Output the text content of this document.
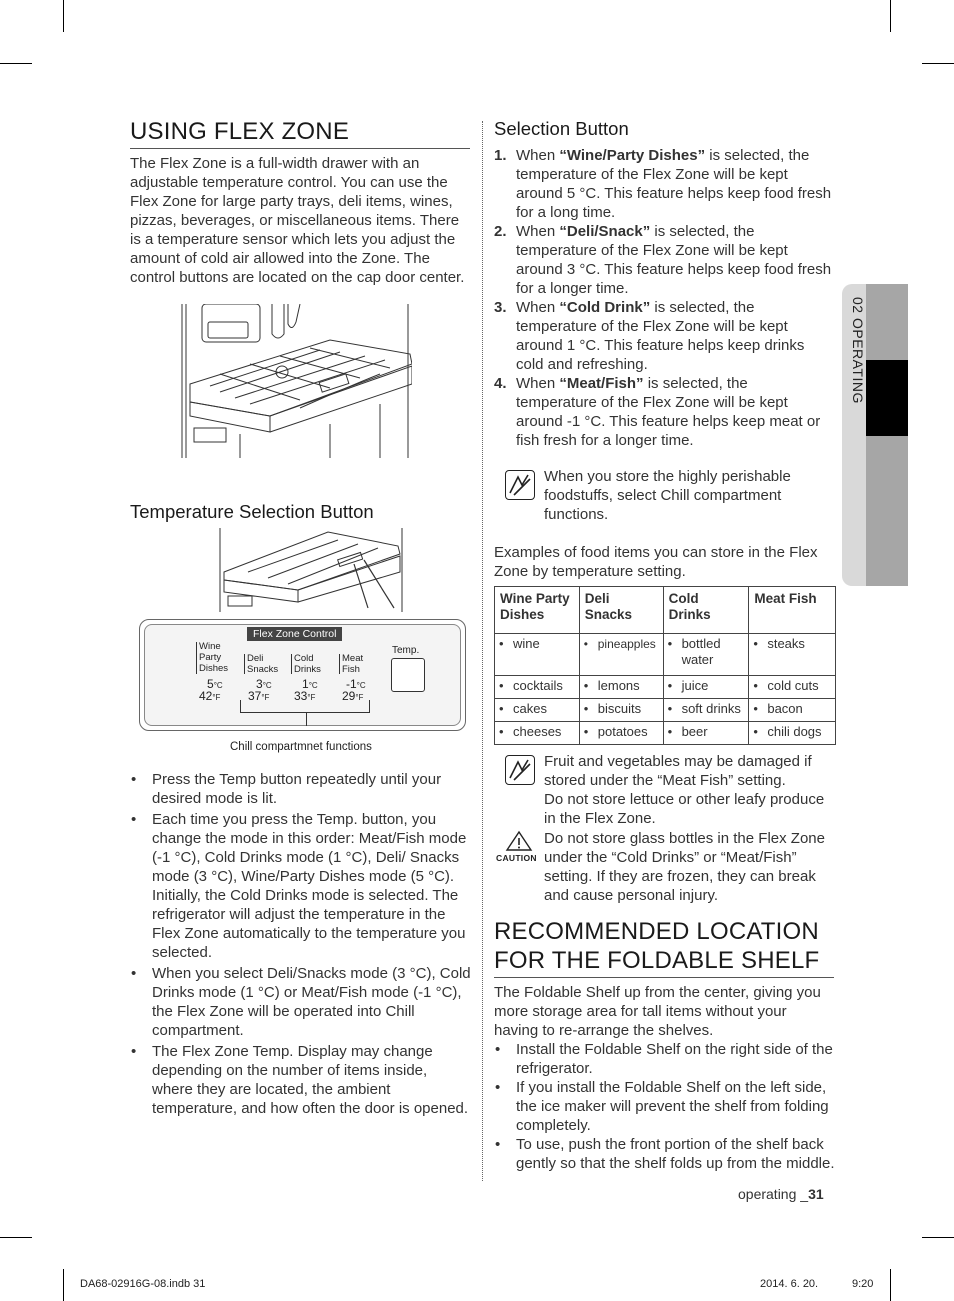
02 OPERATING
USING FLEX ZONE
The Flex Zone is a full-width drawer with an adjustable temperature control. You can use the Flex Zone for large party trays, deli items, wines, pizzas, beverages, or miscellaneous items. There is a temperature sensor which lets you adjust the amount of cold air allowed into the Zone. The control buttons are located on the cap door center.
Temperature Selection Button
Flex Zone Control
Temp.
Wine
Party
Dishes
5°C
42°F
Deli
Snacks
3°C
37°F
Cold
Drinks
1°C
33°F
Meat
Fish
-1°C
29°F
Chill compartmnet functions
• Press the Temp button repeatedly until your desired mode is lit.
• Each time you press the Temp. button, you change the mode in this order: Meat/Fish mode (-1 °C), Cold Drinks mode (1 °C), Deli/ Snacks mode (3 °C), Wine/Party Dishes mode (5 °C). Initially, the Cold Drinks mode is selected. The refrigerator will adjust the temperature in the Flex Zone automatically to the temperature you selected.
• When you select Deli/Snacks mode (3 °C), Cold Drinks mode (1 °C) or Meat/Fish mode (-1 °C), the Flex Zone will be operated into Chill compartment.
• The Flex Zone Temp. Display may change depending on the number of items inside, where they are located, the ambient temperature, and how often the door is opened.
Selection Button
1. When “Wine/Party Dishes” is selected, the temperature of the Flex Zone will be kept around 5 °C. This feature helps keep food fresh for a long time.
2. When “Deli/Snack” is selected, the temperature of the Flex Zone will be kept around 3 °C. This feature helps keep food fresh for a longer time.
3. When “Cold Drink” is selected, the temperature of the Flex Zone will be kept around 1 °C. This feature helps keep drinks cold and refreshing.
4. When “Meat/Fish” is selected, the temperature of the Flex Zone will be kept around -1 °C. This feature helps keep meat or fish fresh for a longer time.
When you store the highly perishable foodstuffs, select Chill compartment functions.
Examples of food items you can store in the Flex Zone by temperature setting.
Wine Party Dishes	Deli Snacks	Cold Drinks	Meat Fish
• wine	• pineapples	• bottled water	• steaks
• cocktails	• lemons	• juice	• cold cuts
• cakes	• biscuits	• soft drinks	• bacon
• cheeses	• potatoes	• beer	• chili dogs
Fruit and vegetables may be damaged if stored under the “Meat Fish” setting.
Do not store lettuce or other leafy produce in the Flex Zone.
CAUTION
Do not store glass bottles in the Flex Zone under the “Cold Drinks” or “Meat/Fish” setting. If they are frozen, they can break and cause personal injury.
RECOMMENDED LOCATION
FOR THE FOLDABLE SHELF
The Foldable Shelf up from the center, giving you more storage area for tall items without your having to re-arrange the shelves.
• Install the Foldable Shelf on the right side of the refrigerator.
• If you install the Foldable Shelf on the left side, the ice maker will prevent the shelf from folding completely.
• To use, push the front portion of the shelf back gently so that the shelf folds up from the middle.
operating _31
DA68-02916G-08.indb 31	2014. 6. 20.	9:20
